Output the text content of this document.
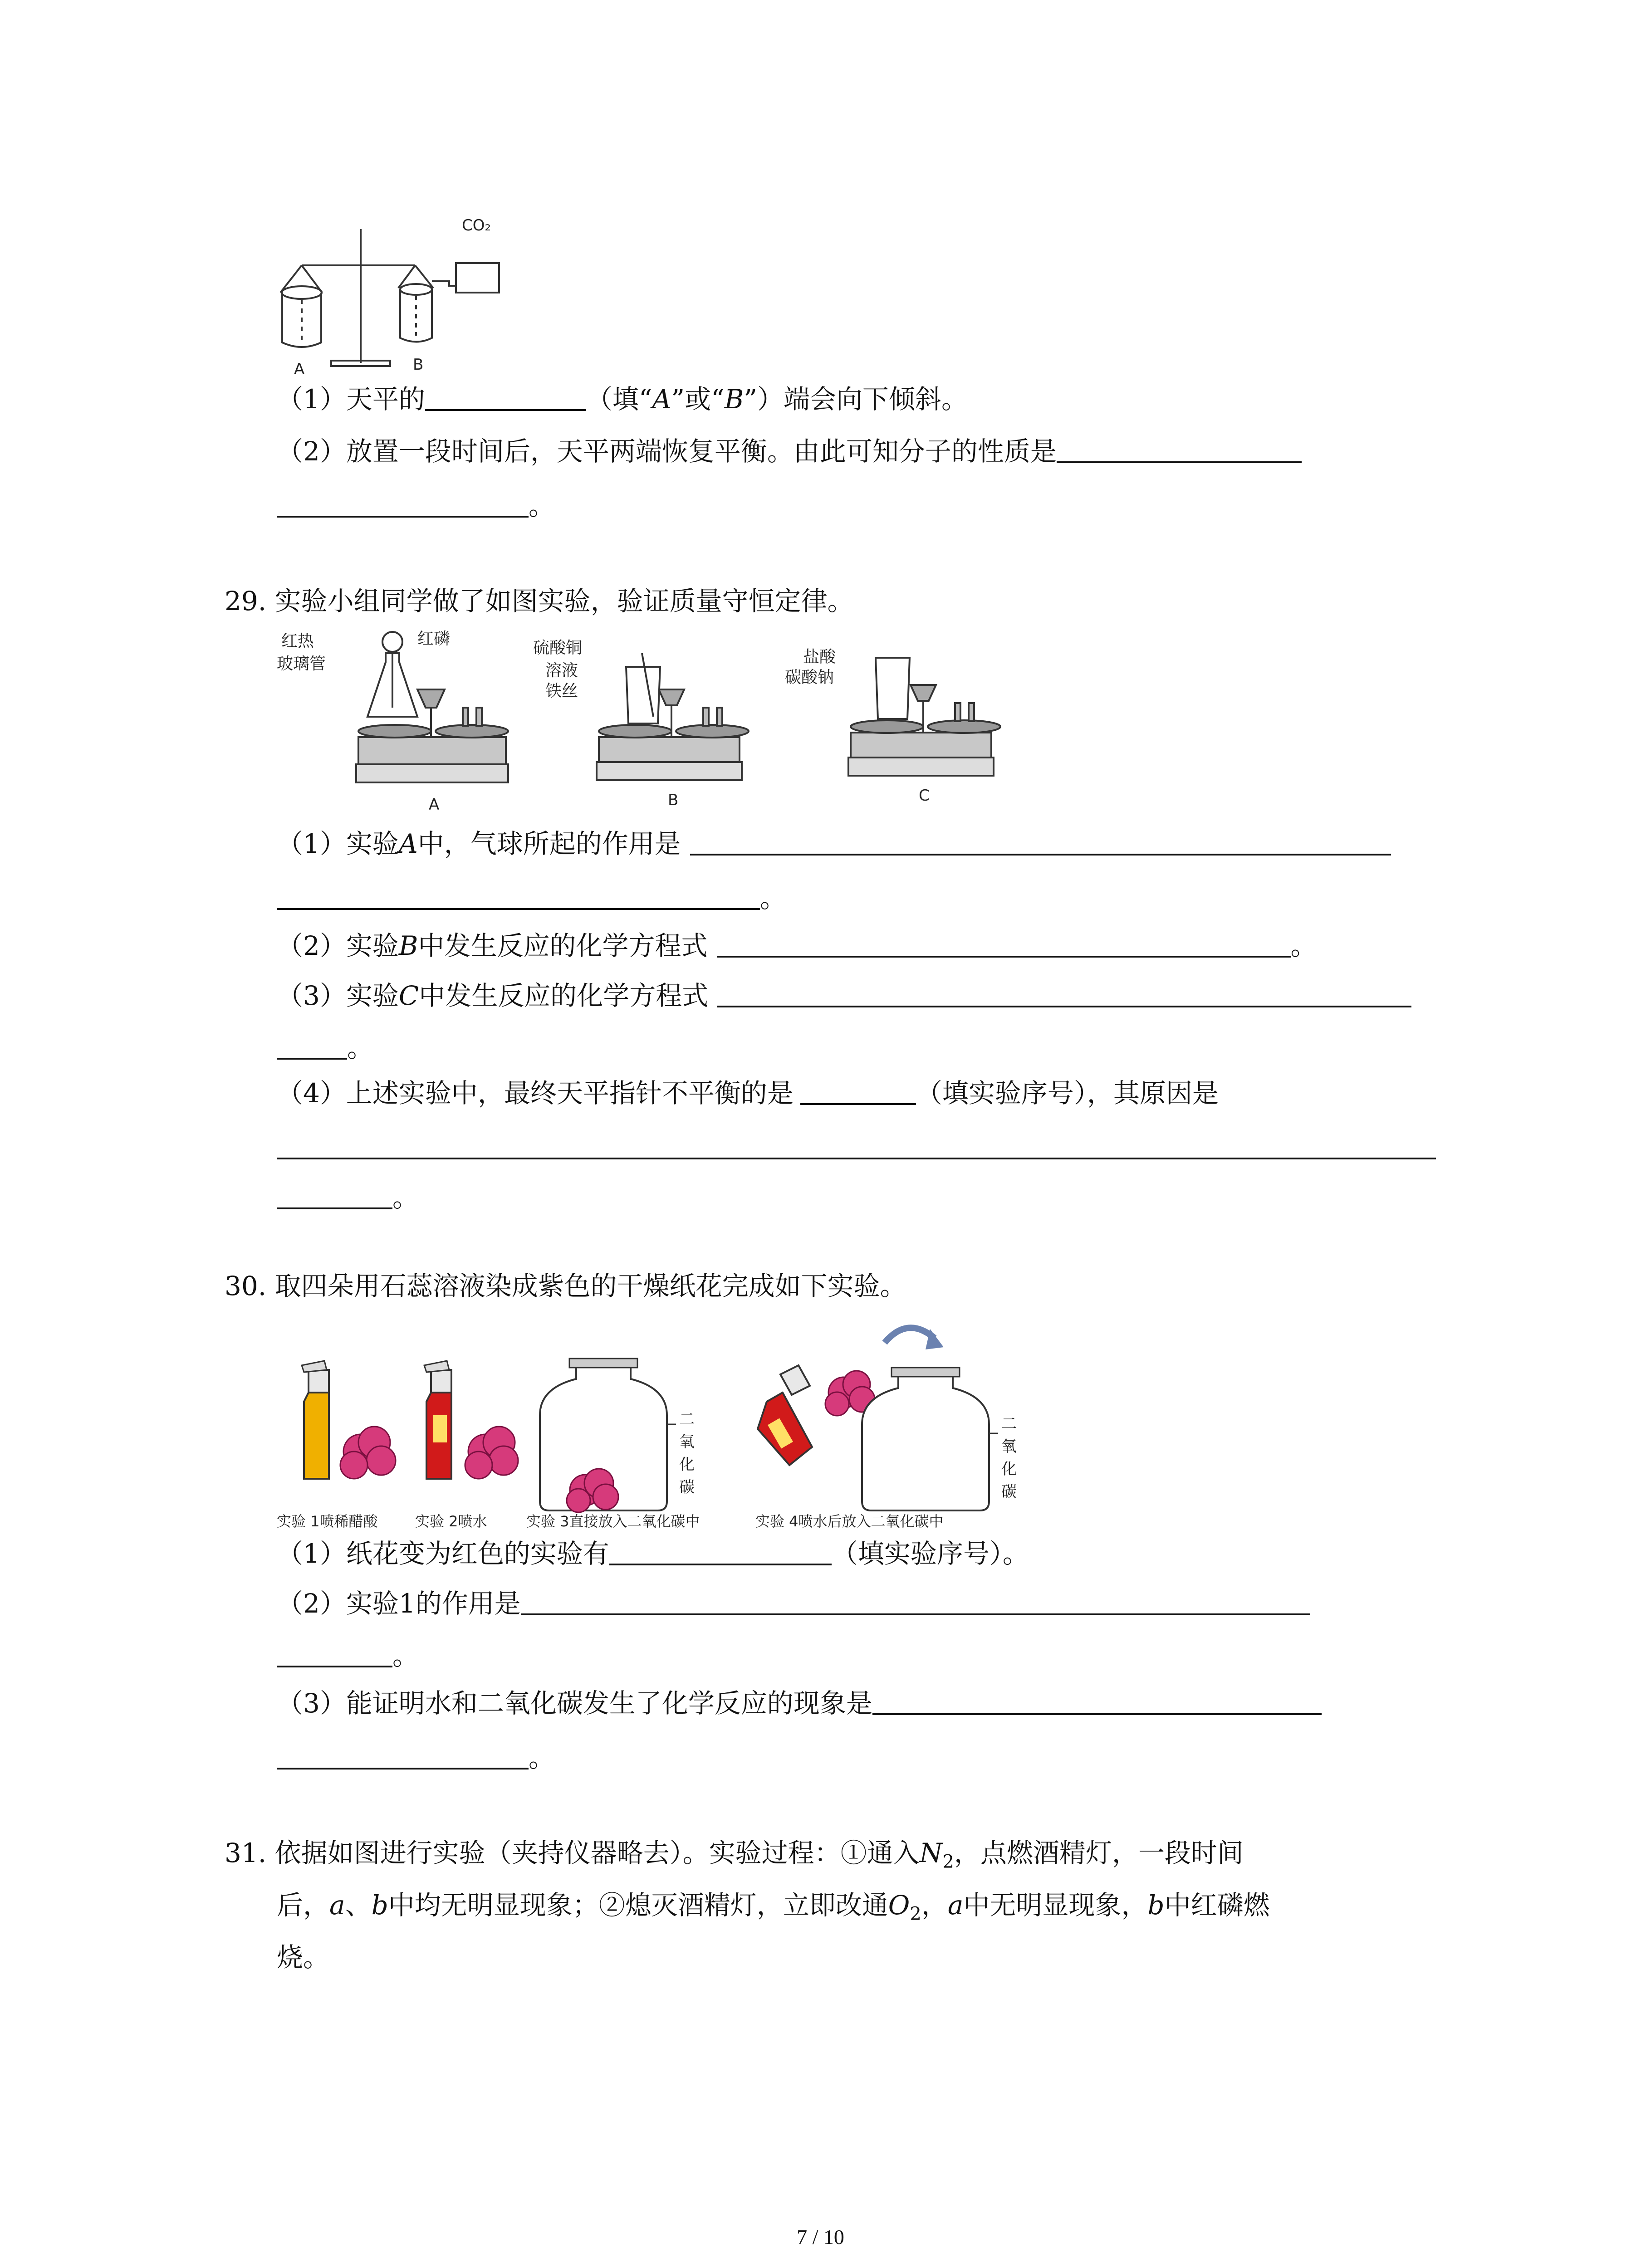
CO₂
A	B
（1）天平的	（填“A”或“B”）端会向下倾斜。
（2）放置一段时间后，天平两端恢复平衡。由此可知分子的性质是
。
29. 实验小组同学做了如图实验，验证质量守恒定律。
红热
玻璃管
红磷	硫酸铜
溶液
铁丝
盐酸
碳酸钠
A	B	C
（1）实验A中，气球所起的作用是
。
（2）实验B中发生反应的化学方程式	。
（3）实验C中发生反应的化学方程式
。
（4）上述实验中，最终天平指针不平衡的是	（填实验序号），其原因是
。
30. 取四朵用石蕊溶液染成紫色的干燥纸花完成如下实验。
二
氧
化
碳
二
氧
化
碳
实验 1喷稀醋酸	实验 2喷水	实验 3直接放入二氧化碳中	实验 4喷水后放入二氧化碳中
（1）纸花变为红色的实验有	（填实验序号）。
（2）实验1的作用是
。
（3）能证明水和二氧化碳发生了化学反应的现象是
。
31. 依据如图进行实验（夹持仪器略去）。实验过程：①通入$N_2$，点燃酒精灯，一段时间
后，a、b中均无明显现象；②熄灭酒精灯，立即改通$O_2$，a中无明显现象，b中红磷燃
烧。
7 / 10
